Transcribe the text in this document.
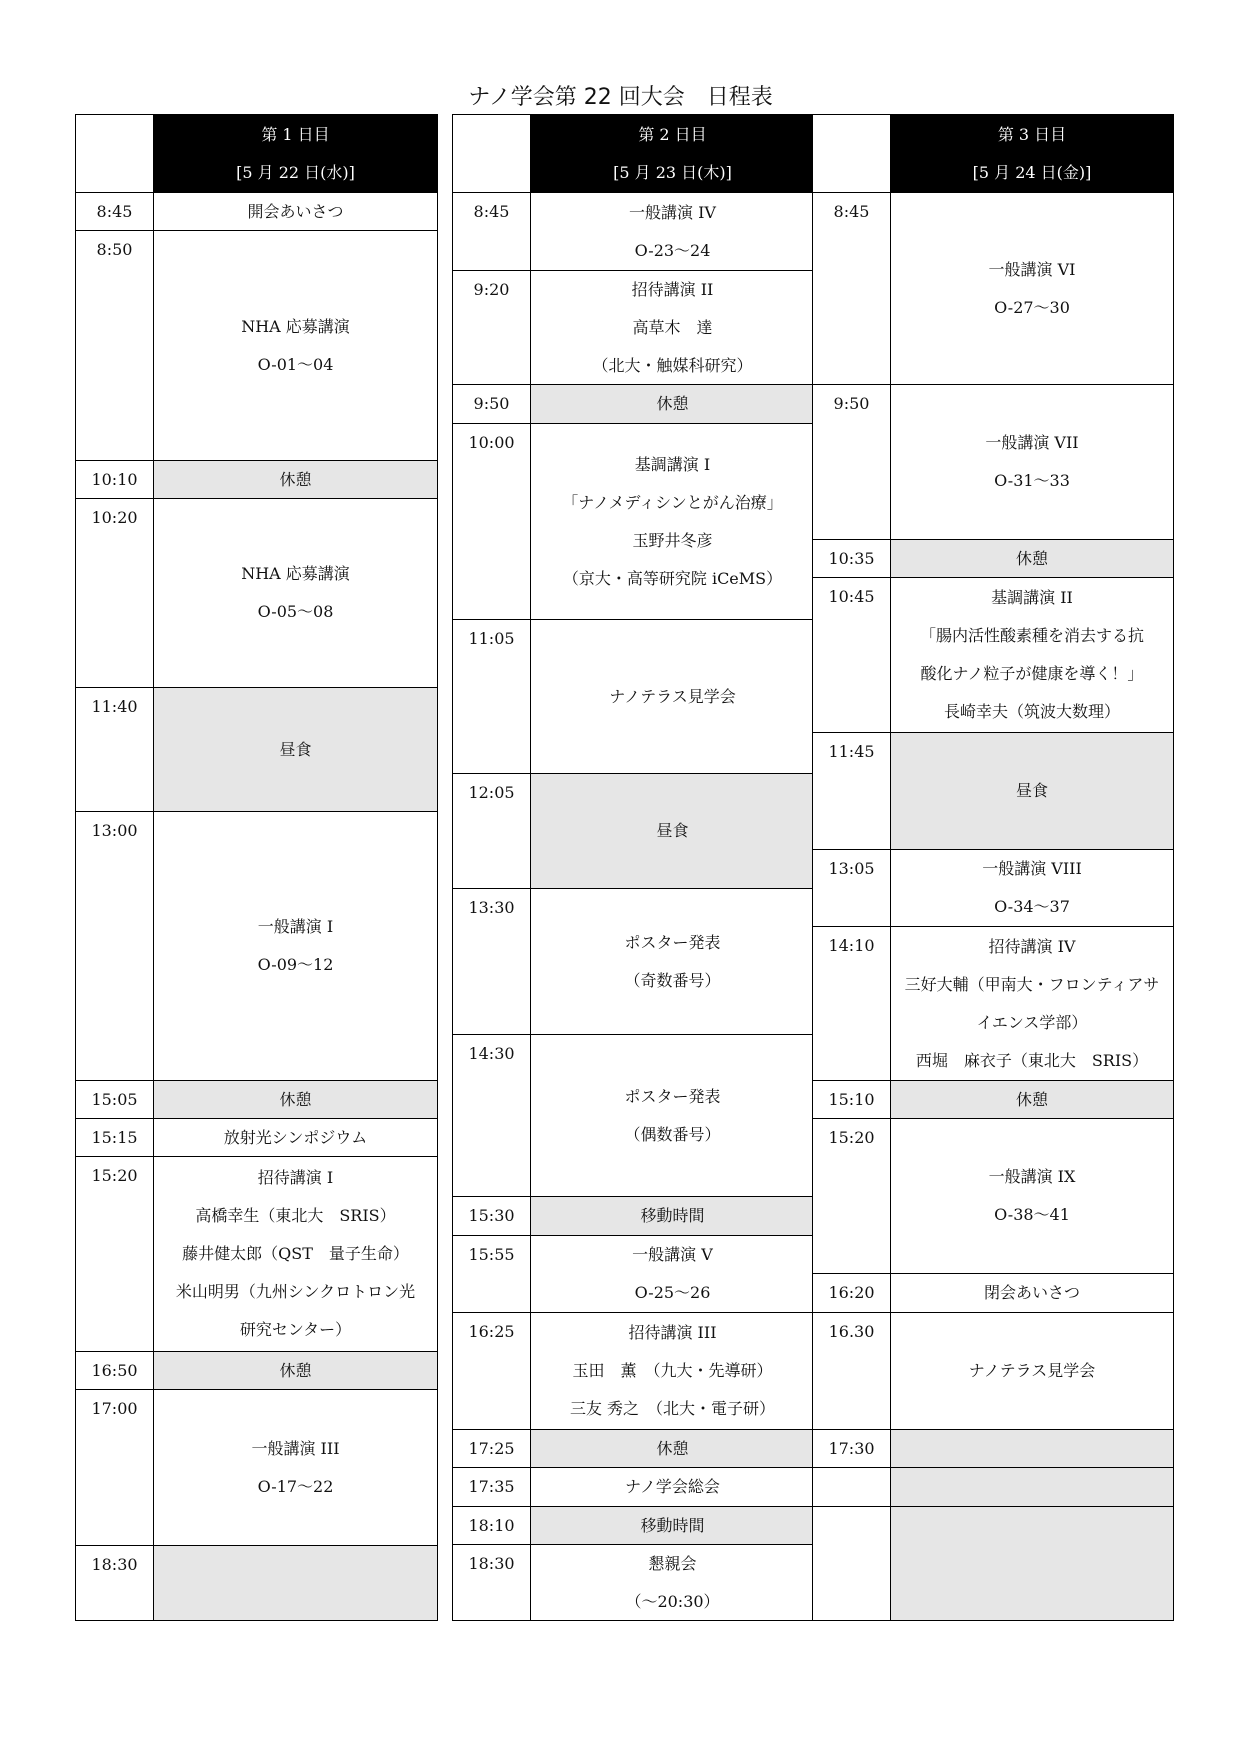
ナノ学会第 22 回大会　日程表
第 1 日目
[5 月 22 日(水)]
8:45
8:50
10:10
10:20
11:40
13:00
15:05
15:15
15:20
16:50
17:00
18:30
開会あいさつ
NHA 応募講演
O-01～04
休憩
NHA 応募講演
O-05～08
昼食
一般講演 I
O-09～12
休憩
放射光シンポジウム
招待講演 I
高橋幸生（東北大　SRIS）
藤井健太郎（QST　量子生命）
米山明男（九州シンクロトロン光
研究センター）
休憩
一般講演 III
O-17～22
第 2 日目
[5 月 23 日(木)]
8:45
9:20
9:50
10:00
11:05
12:05
13:30
14:30
15:30
15:55
16:25
17:25
17:35
18:10
18:30
一般講演 IV
O-23～24
招待講演 II
高草木　達
（北大・触媒科研究）
休憩
基調講演 I
「ナノメディシンとがん治療」
玉野井冬彦
（京大・高等研究院 iCeMS）
ナノテラス見学会
昼食
ポスター発表
（奇数番号）
ポスター発表
（偶数番号）
移動時間
一般講演 V
O-25～26
招待講演 III
玉田　薫　（九大・先導研）
三友 秀之　（北大・電子研）
休憩
ナノ学会総会
移動時間
懇親会
（～20:30）
第 3 日目
[5 月 24 日(金)]
8:45
9:50
10:35
10:45
11:45
13:05
14:10
15:10
15:20
16:20
16.30
17:30
一般講演 VI
O-27～30
一般講演 VII
O-31～33
休憩
基調講演 II
「腸内活性酸素種を消去する抗
酸化ナノ粒子が健康を導く！」
長崎幸夫（筑波大数理）
昼食
一般講演 VIII
O-34～37
招待講演 IV
三好大輔（甲南大・フロンティアサ
イエンス学部）
西堀　麻衣子（東北大　SRIS）
休憩
一般講演 IX
O-38～41
閉会あいさつ
ナノテラス見学会
